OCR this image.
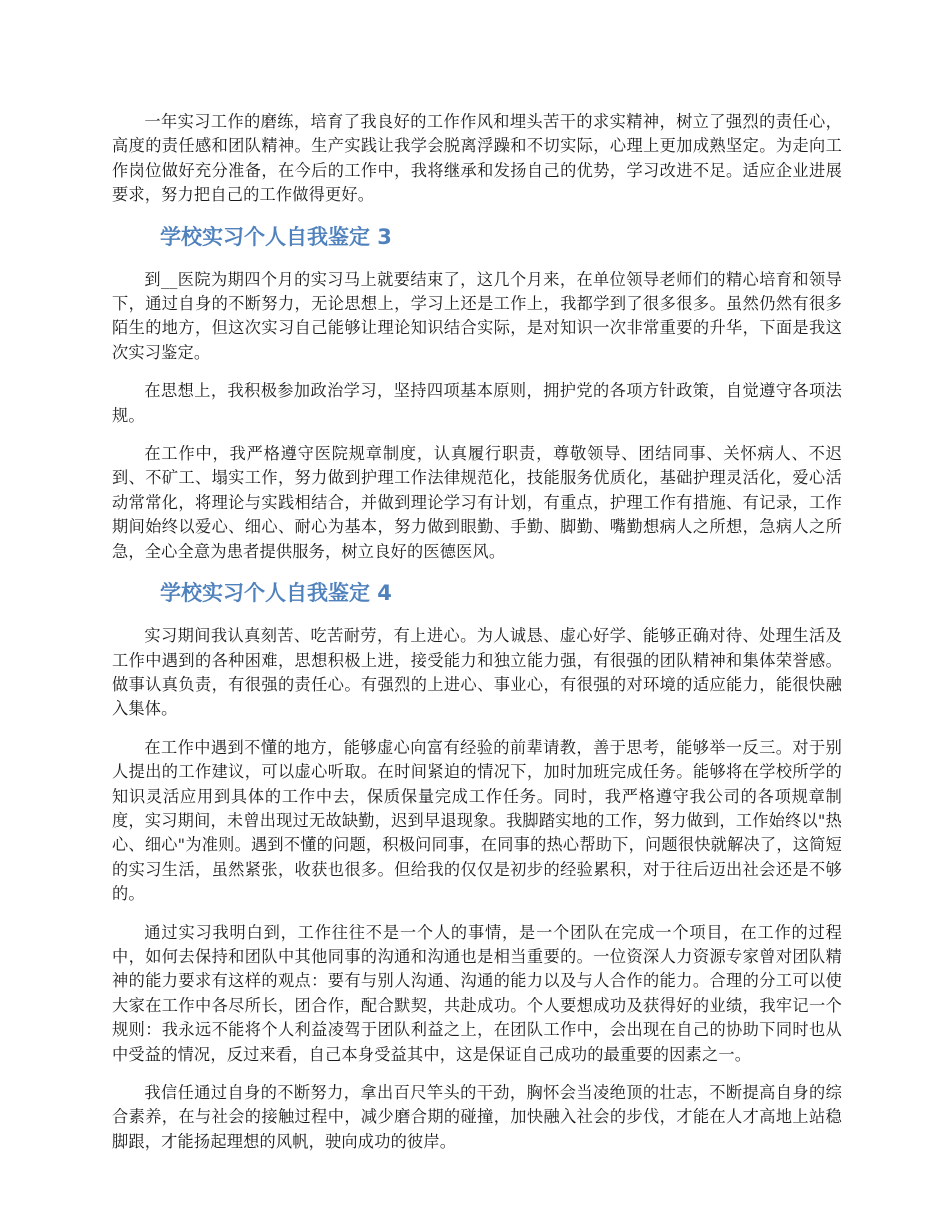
一年实习工作的磨练，培育了我良好的工作作风和埋头苦干的求实精神，树立了强烈的责任心，高度的责任感和团队精神。生产实践让我学会脱离浮躁和不切实际，心理上更加成熟坚定。为走向工作岗位做好充分准备，在今后的工作中，我将继承和发扬自己的优势，学习改进不足。适应企业进展要求，努力把自己的工作做得更好。

学校实习个人自我鉴定 3

到__医院为期四个月的实习马上就要结束了，这几个月来，在单位领导老师们的精心培育和领导下，通过自身的不断努力，无论思想上，学习上还是工作上，我都学到了很多很多。虽然仍然有很多陌生的地方，但这次实习自己能够让理论知识结合实际，是对知识一次非常重要的升华，下面是我这次实习鉴定。

在思想上，我积极参加政治学习，坚持四项基本原则，拥护党的各项方针政策，自觉遵守各项法规。

在工作中，我严格遵守医院规章制度，认真履行职责，尊敬领导、团结同事、关怀病人、不迟到、不矿工、塌实工作，努力做到护理工作法律规范化，技能服务优质化，基础护理灵活化，爱心活动常常化，将理论与实践相结合，并做到理论学习有计划，有重点，护理工作有措施、有记录，工作期间始终以爱心、细心、耐心为基本，努力做到眼勤、手勤、脚勤、嘴勤想病人之所想，急病人之所急，全心全意为患者提供服务，树立良好的医德医风。

学校实习个人自我鉴定 4

实习期间我认真刻苦、吃苦耐劳，有上进心。为人诚恳、虚心好学、能够正确对待、处理生活及工作中遇到的各种困难，思想积极上进，接受能力和独立能力强，有很强的团队精神和集体荣誉感。做事认真负责，有很强的责任心。有强烈的上进心、事业心，有很强的对环境的适应能力，能很快融入集体。

在工作中遇到不懂的地方，能够虚心向富有经验的前辈请教，善于思考，能够举一反三。对于别人提出的工作建议，可以虚心听取。在时间紧迫的情况下，加时加班完成任务。能够将在学校所学的知识灵活应用到具体的工作中去，保质保量完成工作任务。同时，我严格遵守我公司的各项规章制度，实习期间，未曾出现过无故缺勤，迟到早退现象。我脚踏实地的工作，努力做到，工作始终以"热心、细心"为准则。遇到不懂的问题，积极问同事，在同事的热心帮助下，问题很快就解决了，这简短的实习生活，虽然紧张，收获也很多。但给我的仅仅是初步的经验累积，对于往后迈出社会还是不够的。

通过实习我明白到，工作往往不是一个人的事情，是一个团队在完成一个项目，在工作的过程中，如何去保持和团队中其他同事的沟通和沟通也是相当重要的。一位资深人力资源专家曾对团队精神的能力要求有这样的观点：要有与别人沟通、沟通的能力以及与人合作的能力。合理的分工可以使大家在工作中各尽所长，团合作，配合默契，共赴成功。个人要想成功及获得好的业绩，我牢记一个规则：我永远不能将个人利益凌驾于团队利益之上，在团队工作中，会出现在自己的协助下同时也从中受益的情况，反过来看，自己本身受益其中，这是保证自己成功的最重要的因素之一。

我信任通过自身的不断努力，拿出百尺竿头的干劲，胸怀会当凌绝顶的壮志，不断提高自身的综合素养，在与社会的接触过程中，减少磨合期的碰撞，加快融入社会的步伐，才能在人才高地上站稳脚跟，才能扬起理想的风帆，驶向成功的彼岸。
